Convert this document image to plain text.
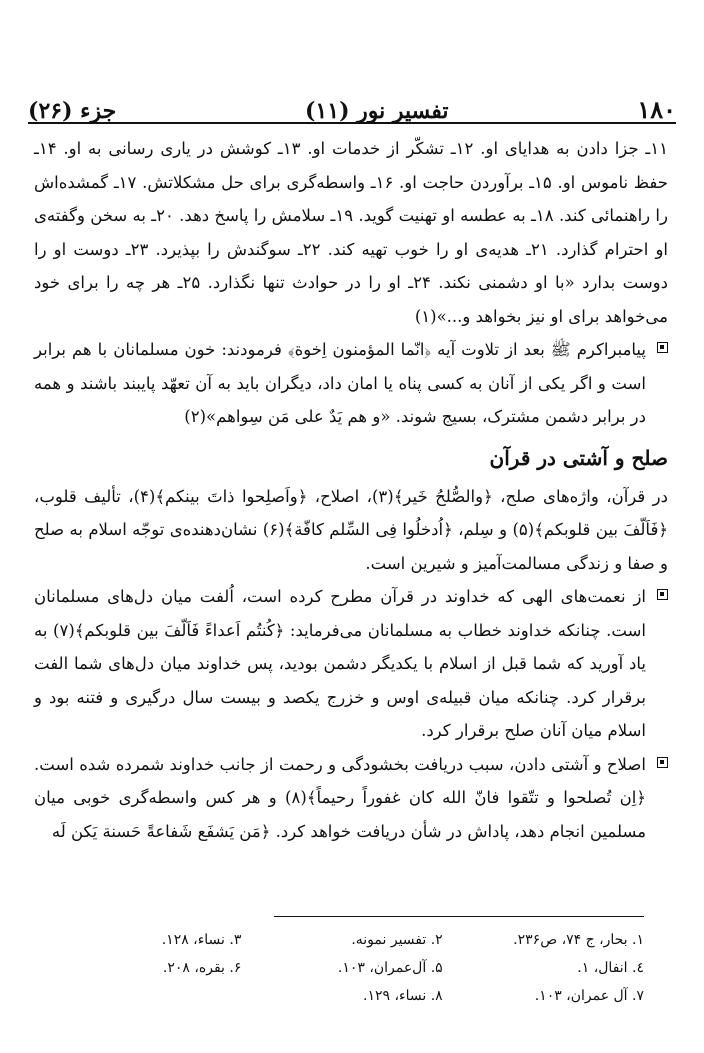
۱۸۰
تفسیر نور (۱۱)
جزء (۲۶)

۱۱ـ جزا دادن به هدایای او. ۱۲ـ تشکّر از خدمات او. ۱۳ـ کوشش در یاری رسانی به او. ۱۴ـ حفظ ناموس او. ۱۵ـ برآوردن حاجت او. ۱۶ـ واسطه‌گری برای حل مشکلاتش. ۱۷ـ گمشده‌اش را راهنمائی کند. ۱۸ـ به عطسه او تهنیت گوید. ۱۹ـ سلامش را پاسخ دهد. ۲۰ـ به سخن وگفته‌ی او احترام گذارد. ۲۱ـ هدیه‌ی او را خوب تهیه کند. ۲۲ـ سوگندش را بپذیرد. ۲۳ـ دوست او را دوست بدارد «با او دشمنی نکند. ۲۴ـ او را در حوادث تنها نگذارد. ۲۵ـ هر چه را برای خود می‌خواهد برای او نیز بخواهد و...»(۱)

پیامبراکرم ﷺ بعد از تلاوت آیه ﴿انّما المؤمنون اِخوة﴾ فرمودند: خون مسلمانان با هم برابر است و اگر یکی از آنان به کسی پناه یا امان داد، دیگران باید به آن تعهّد پایبند باشند و همه در برابر دشمن مشترک، بسیج شوند. «و هم یَدٌ علی مَن سِواهم»(۲)

صلح و آشتی در قرآن

در قرآن، واژه‌های صلح، ﴿والصُّلحُ خَیر﴾(۳)، اصلاح، ﴿واَصلِحوا ذاتَ بینکم﴾(۴)، تألیف قلوب، ﴿فَاَلّفَ بین قلوبکم﴾(۵) و سِلم، ﴿اُدخلُوا فِی السِّلم کافّة﴾(۶) نشان‌دهنده‌ی توجّه اسلام به صلح و صفا و زندگی مسالمت‌آمیز و شیرین است.

از نعمت‌های الهی که خداوند در قرآن مطرح کرده است، اُلفت میان دل‌های مسلمانان است. چنانکه خداوند خطاب به مسلمانان می‌فرماید: ﴿کُنتُم اَعداءً فَاَلّفَ بین قلوبکم﴾(۷) به یاد آورید که شما قبل از اسلام با یکدیگر دشمن بودید، پس خداوند میان دل‌های شما الفت برقرار کرد. چنانکه میان قبیله‌ی اوس و خزرج یکصد و بیست سال درگیری و فتنه بود و اسلام میان آنان صلح برقرار کرد.

اصلاح و آشتی دادن، سبب دریافت بخشودگی و رحمت از جانب خداوند شمرده شده است. ﴿اِن تُصلحوا و تتّقوا فانّ الله کان غفوراً رحیماً﴾(۸) و هر کس واسطه‌گری خوبی میان مسلمین انجام دهد، پاداش در شأن دریافت خواهد کرد. ﴿مَن یَشفَع شَفاعةً حَسنة یَکن لَه

۱. بحار، ج ۷۴، ص۲۳۶.
۲. تفسیر نمونه.
۳. نساء، ۱۲۸.
٤. انفال، ۱.
۵. آل‌عمران، ۱۰۳.
۶. بقره، ۲۰۸.
۷. آل عمران، ۱۰۳.
۸. نساء، ۱۲۹.
